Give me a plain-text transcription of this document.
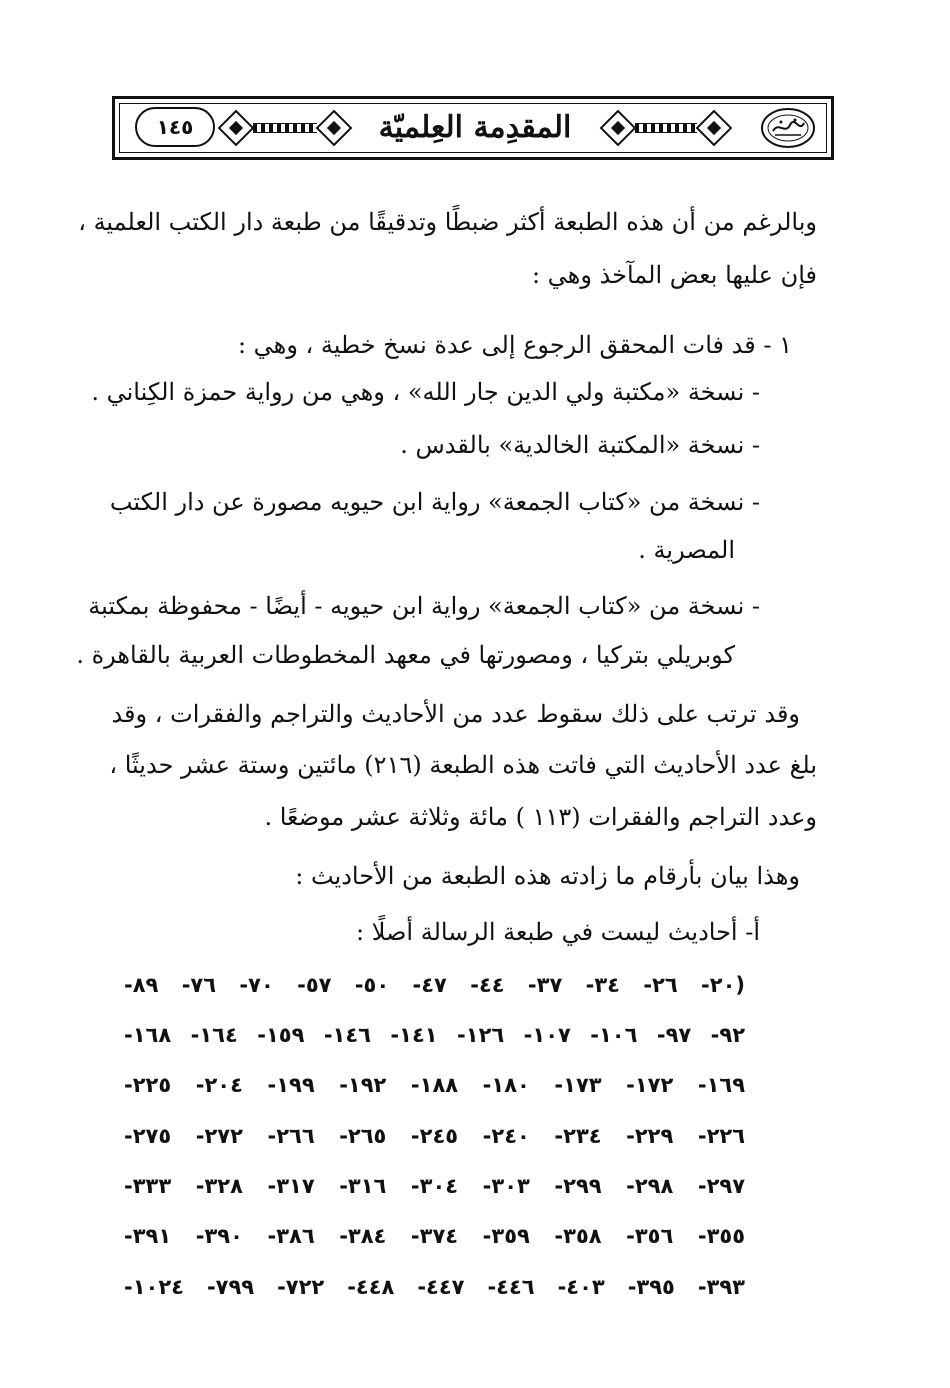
١٤٥	المقدِمة العِلميّة
وبالرغم من أن هذه الطبعة أكثر ضبطًا وتدقيقًا من طبعة دار الكتب العلمية ،
فإن عليها بعض المآخذ وهي :
١ - قد فات المحقق الرجوع إلى عدة نسخ خطية ، وهي :
- نسخة «مكتبة ولي الدين جار الله» ، وهي من رواية حمزة الكِناني .
- نسخة «المكتبة الخالدية» بالقدس .
- نسخة من «كتاب الجمعة» رواية ابن حيويه مصورة عن دار الكتب
المصرية .
- نسخة من «كتاب الجمعة» رواية ابن حيويه - أيضًا - محفوظة بمكتبة
كوبريلي بتركيا ، ومصورتها في معهد المخطوطات العربية بالقاهرة .
وقد ترتب على ذلك سقوط عدد من الأحاديث والتراجم والفقرات ، وقد
بلغ عدد الأحاديث التي فاتت هذه الطبعة (٢١٦) مائتين وستة عشر حديثًا ،
وعدد التراجم والفقرات (١١٣ ) مائة وثلاثة عشر موضعًا .
وهذا بيان بأرقام ما زادته هذه الطبعة من الأحاديث :
أ- أحاديث ليست في طبعة الرسالة أصلًا :
(٢٠- ٢٦- ٣٤- ٣٧- ٤٤- ٤٧- ٥٠- ٥٧- ٧٠- ٧٦- ٨٩-
٩٢- ٩٧- ١٠٦- ١٠٧- ١٢٦- ١٤١- ١٤٦- ١٥٩- ١٦٤- ١٦٨-
١٦٩- ١٧٢- ١٧٣- ١٨٠- ١٨٨- ١٩٢- ١٩٩- ٢٠٤- ٢٢٥-
٢٢٦- ٢٢٩- ٢٣٤- ٢٤٠- ٢٤٥- ٢٦٥- ٢٦٦- ٢٧٢- ٢٧٥-
٢٩٧- ٢٩٨- ٢٩٩- ٣٠٣- ٣٠٤- ٣١٦- ٣١٧- ٣٢٨- ٣٣٣-
٣٥٥- ٣٥٦- ٣٥٨- ٣٥٩- ٣٧٤- ٣٨٤- ٣٨٦- ٣٩٠- ٣٩١-
٣٩٣- ٣٩٥- ٤٠٣- ٤٤٦- ٤٤٧- ٤٤٨- ٧٢٢- ٧٩٩- ١٠٢٤-
